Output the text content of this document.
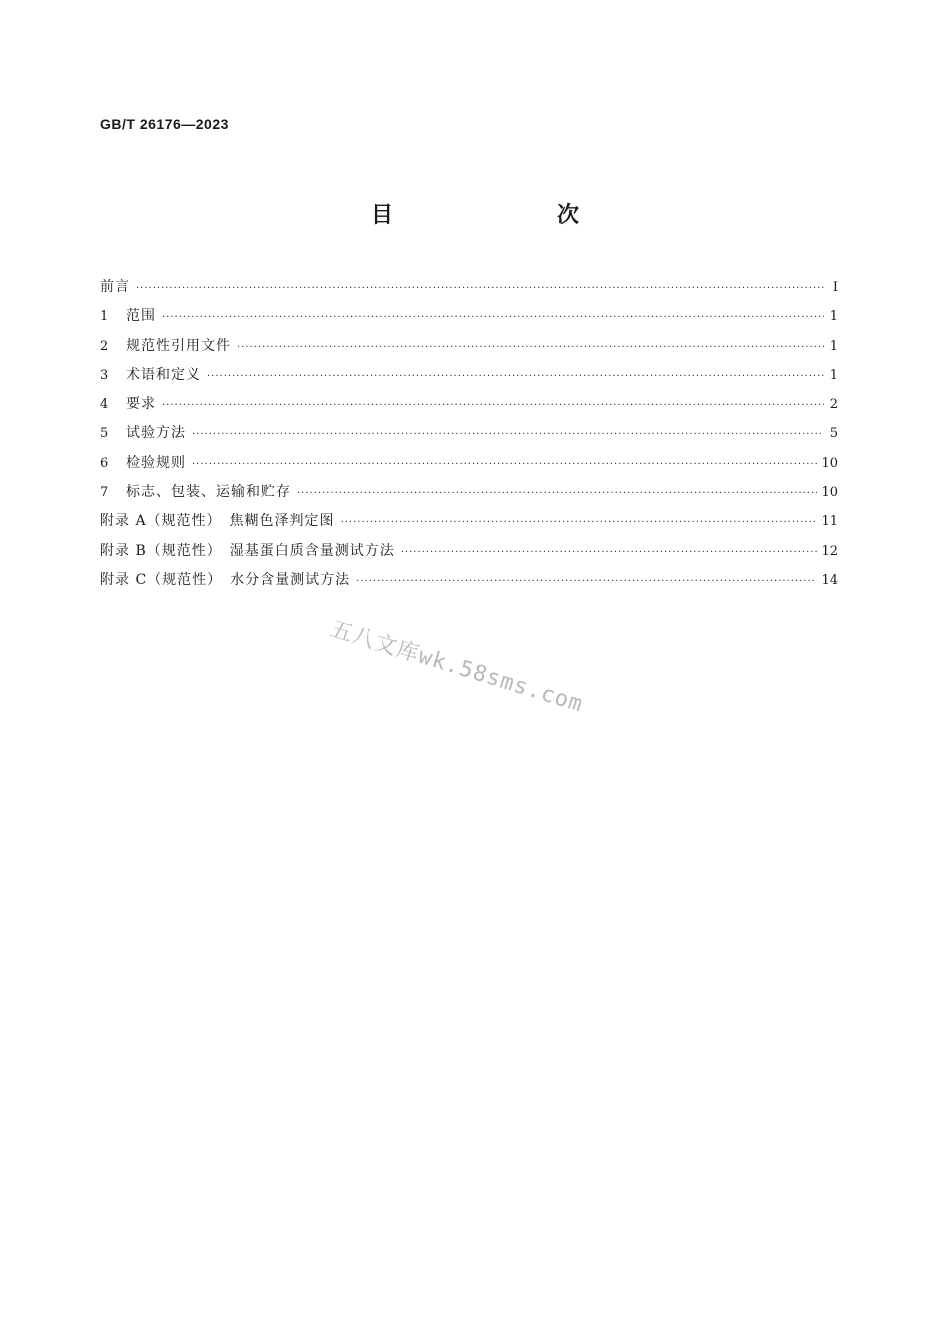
GB/T 26176—2023
目　　次
前言 ·····	Ⅰ
1	范围 ·····	1
2	规范性引用文件 ·····	1
3	术语和定义 ·····	1
4	要求 ·····	2
5	试验方法 ·····	5
6	检验规则 ·····	10
7	标志、包装、运输和贮存 ·····	10
附录 A（规范性）　焦糊色泽判定图 ·····	11
附录 B（规范性）　湿基蛋白质含量测试方法 ·····	12
附录 C（规范性）　水分含量测试方法 ·····	14
五八文库wk.58sms.com
